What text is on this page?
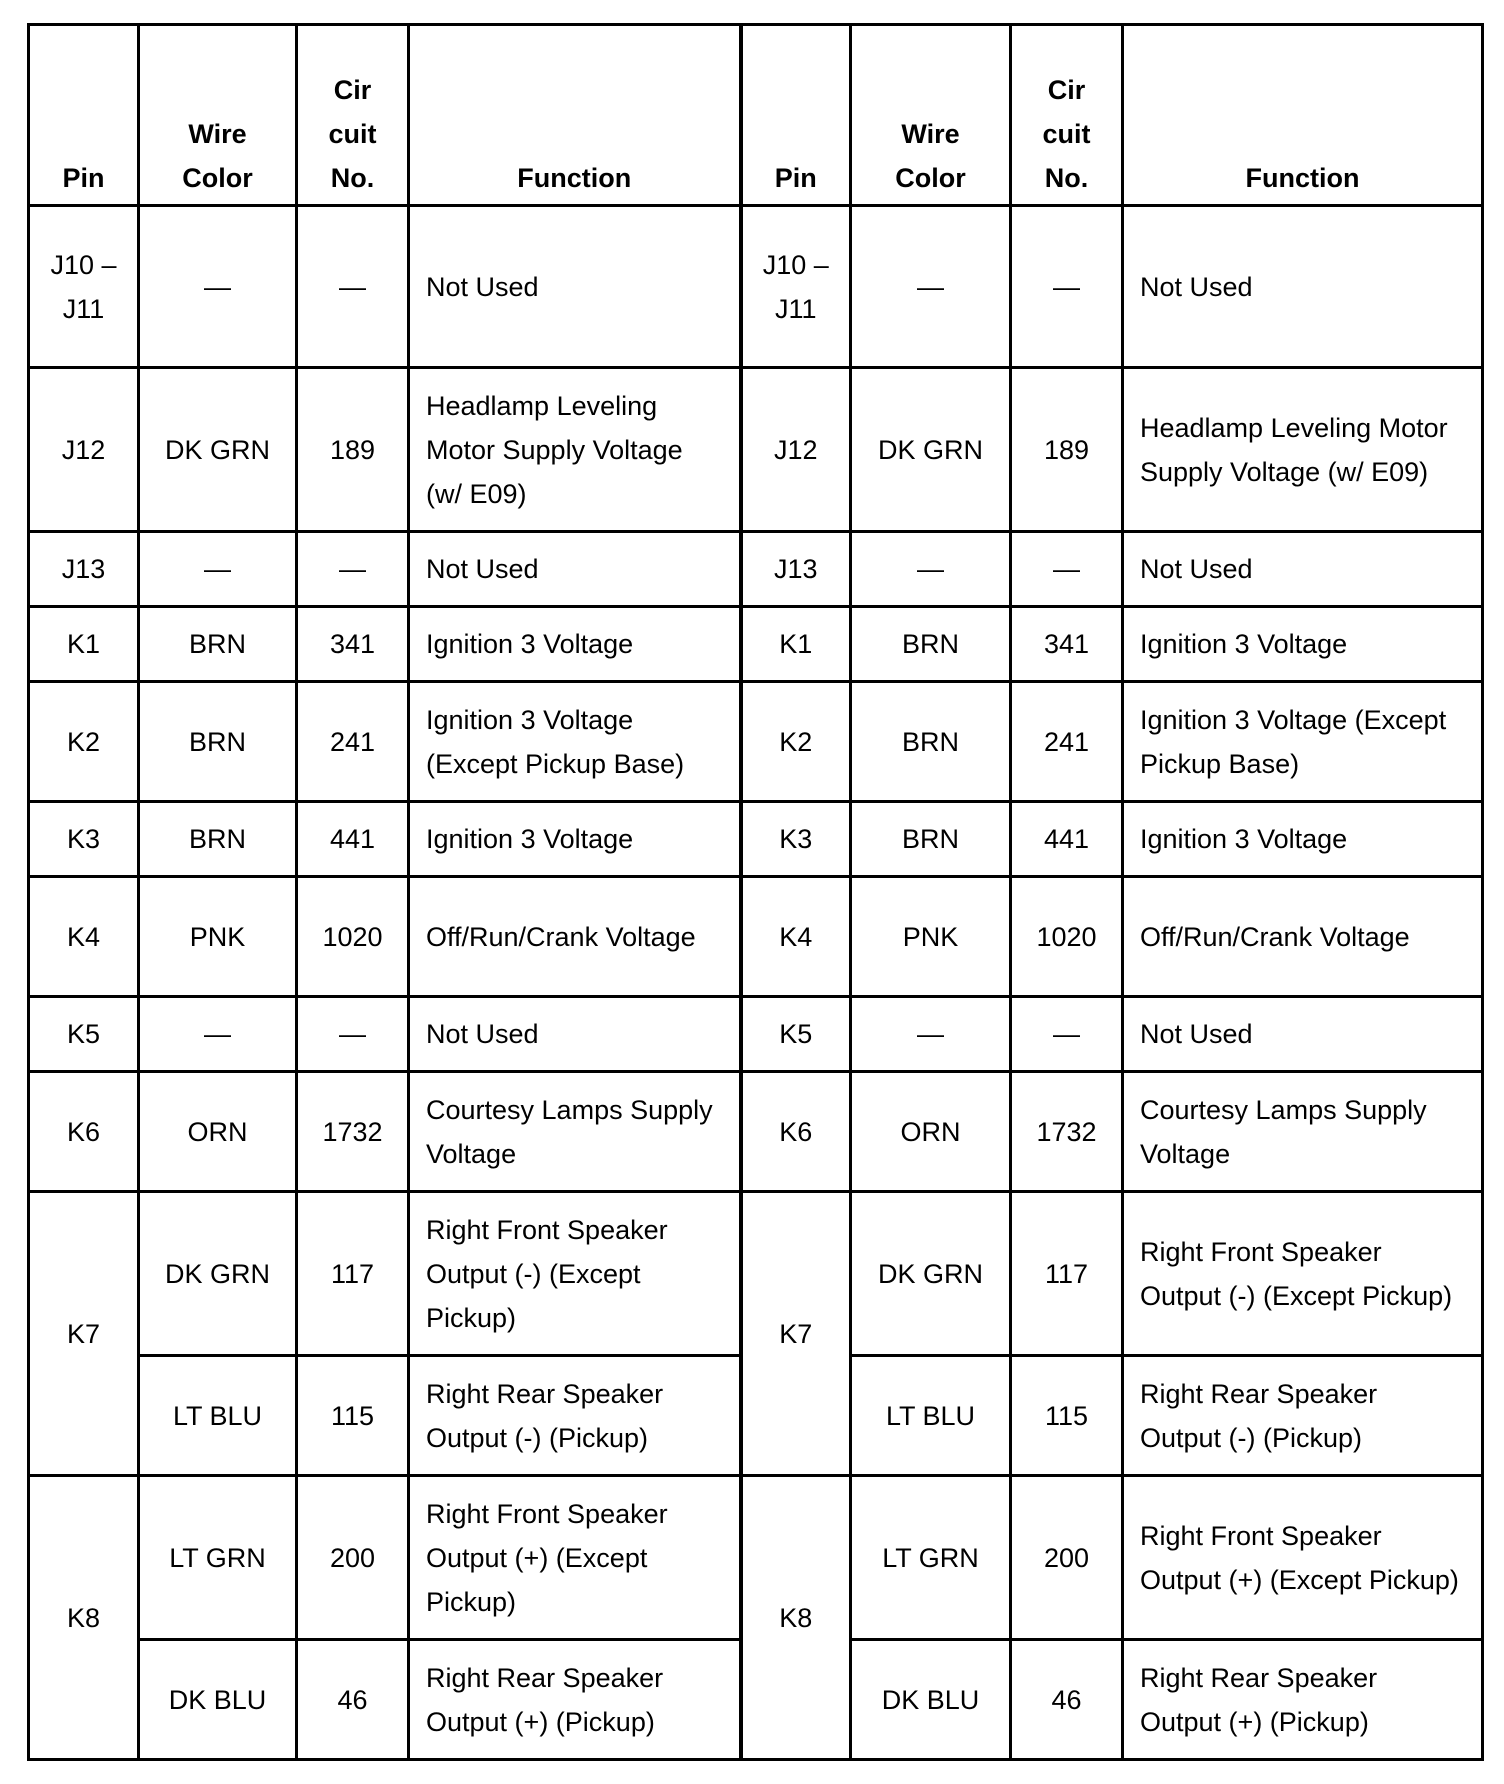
Pin	Wire Color	Cir cuit No.	Function	Pin	Wire Color	Cir cuit No.	Function
J10 –J11	—	—	Not Used	J10 –J11	—	—	Not Used
J12	DK GRN	189	Headlamp Leveling Motor Supply Voltage (w/ E09)	J12	DK GRN	189	Headlamp Leveling Motor Supply Voltage (w/ E09)
J13	—	—	Not Used	J13	—	—	Not Used
K1	BRN	341	Ignition 3 Voltage	K1	BRN	341	Ignition 3 Voltage
K2	BRN	241	Ignition 3 Voltage (Except Pickup Base)	K2	BRN	241	Ignition 3 Voltage (Except Pickup Base)
K3	BRN	441	Ignition 3 Voltage	K3	BRN	441	Ignition 3 Voltage
K4	PNK	1020	Off/Run/Crank Voltage	K4	PNK	1020	Off/Run/Crank Voltage
K5	—	—	Not Used	K5	—	—	Not Used
K6	ORN	1732	Courtesy Lamps Supply Voltage	K6	ORN	1732	Courtesy Lamps Supply Voltage
K7	DK GRN	117	Right Front Speaker Output (-) (Except Pickup)	K7	DK GRN	117	Right Front Speaker Output (-) (Except Pickup)
	LT BLU	115	Right Rear Speaker Output (-) (Pickup)		LT BLU	115	Right Rear Speaker Output (-) (Pickup)
K8	LT GRN	200	Right Front Speaker Output (+) (Except Pickup)	K8	LT GRN	200	Right Front Speaker Output (+) (Except Pickup)
	DK BLU	46	Right Rear Speaker Output (+) (Pickup)		DK BLU	46	Right Rear Speaker Output (+) (Pickup)
